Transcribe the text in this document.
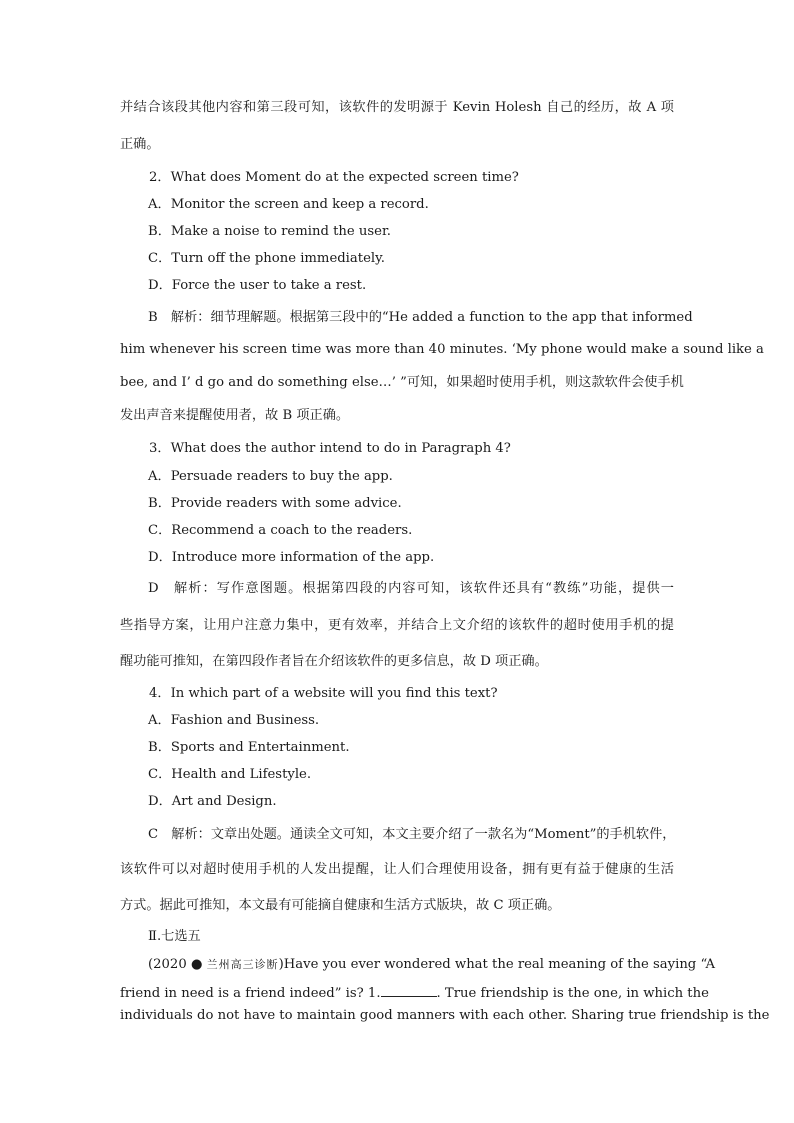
并结合该段其他内容和第三段可知，该软件的发明源于 Kevin Holesh 自己的经历，故 A 项
正确。
2．What does Moment do at the expected screen time?
A．Monitor the screen and keep a record.
B．Make a noise to remind the user.
C．Turn off the phone immediately.
D．Force the user to take a rest.
B　解析：细节理解题。根据第三段中的“He added a function to the app that informed
him whenever his screen time was more than 40 minutes. ‘My phone would make a sound like a
bee, and I’ d go and do something else…’ ”可知，如果超时使用手机，则这款软件会使手机
发出声音来提醒使用者，故 B 项正确。
3．What does the author intend to do in Paragraph 4?
A．Persuade readers to buy the app.
B．Provide readers with some advice.
C．Recommend a coach to the readers.
D．Introduce more information of the app.
D　解析：写作意图题。根据第四段的内容可知，该软件还具有“教练”功能，提供一
些指导方案，让用户注意力集中，更有效率，并结合上文介绍的该软件的超时使用手机的提
醒功能可推知，在第四段作者旨在介绍该软件的更多信息，故 D 项正确。
4．In which part of a website will you find this text?
A．Fashion and Business.
B．Sports and Entertainment.
C．Health and Lifestyle.
D．Art and Design.
C　解析：文章出处题。通读全文可知，本文主要介绍了一款名为“Moment”的手机软件，
该软件可以对超时使用手机的人发出提醒，让人们合理使用设备，拥有更有益于健康的生活
方式。据此可推知，本文最有可能摘自健康和生活方式版块，故 C 项正确。
Ⅱ.七选五
(2020 ● 兰州高三诊断)Have you ever wondered what the real meaning of the saying “A
friend in need is a friend indeed” is? 1.	. True friendship is the one, in which the
individuals do not have to maintain good manners with each other. Sharing true friendship is the
